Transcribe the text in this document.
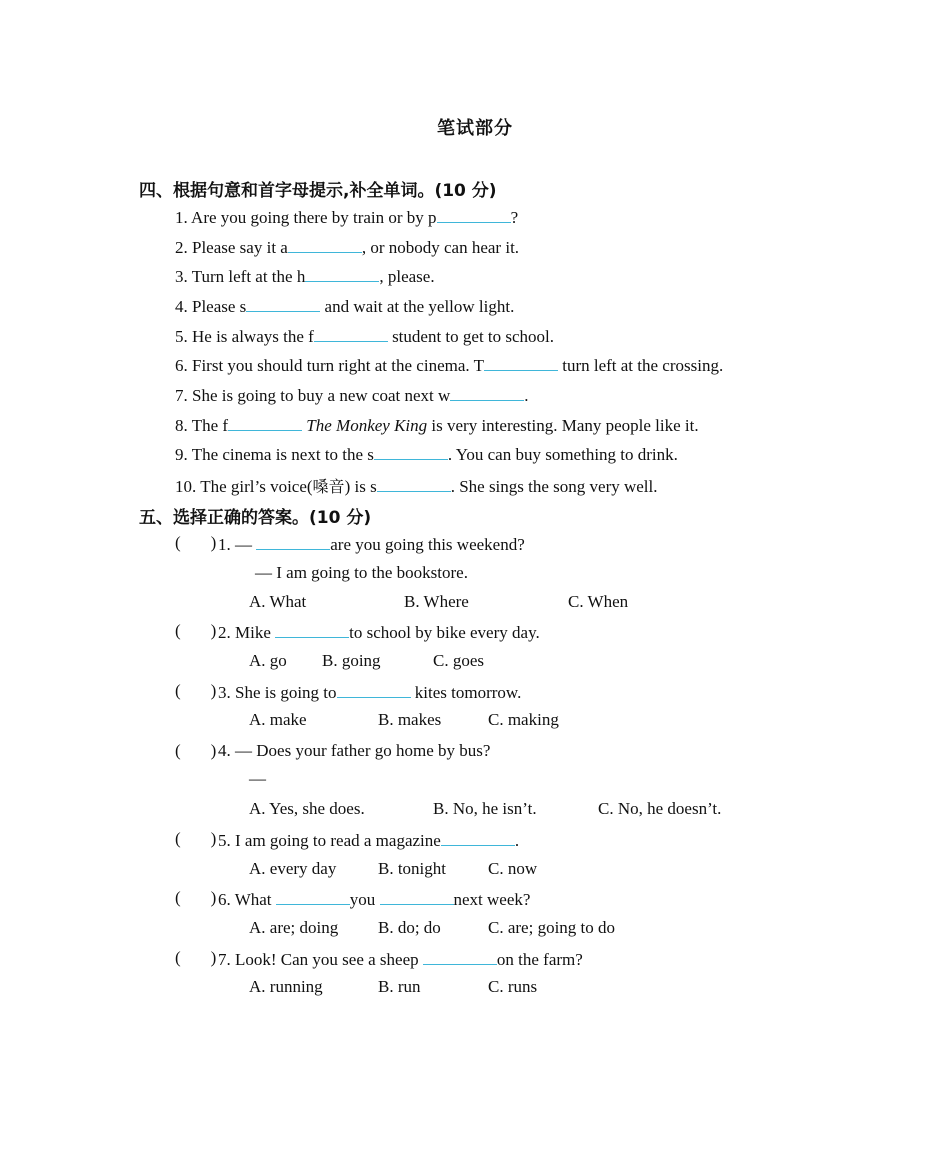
笔试部分
四、根据句意和首字母提示,补全单词。(10 分)
1. Are you going there by train or by p	?
2. Please say it a	, or nobody can hear it.
3. Turn left at the h	, please.
4. Please s	and wait at the yellow light.
5. He is always the f	student to get to school.
6. First you should turn right at the cinema. T	turn left at the crossing.
7. She is going to buy a new coat next w	.
8. The f	The Monkey King is very interesting. Many people like it.
9. The cinema is next to the s	. You can buy something to drink.
10. The girl’s voice(嗓音) is s	. She sings the song very well.
五、选择正确的答案。(10 分)
( ) 1. —	are you going this weekend?
— I am going to the bookstore.
A. What	B. Where	C. When
( ) 2. Mike	to school by bike every day.
A. go B. going	C. goes
( ) 3. She is going to	kites tomorrow.
A. make	B. makes	C. making
( ) 4. — Does your father go home by bus?
—
A. Yes, she does.	B. No, he isn’t.	C. No, he doesn’t.
( ) 5. I am going to read a magazine	.
A. every day B. tonight C. now
( ) 6. What	you	next week?
A. are; doing B. do; do	C. are; going to do
( ) 7. Look! Can you see a sheep	on the farm?
A. running	B. run	C. runs
